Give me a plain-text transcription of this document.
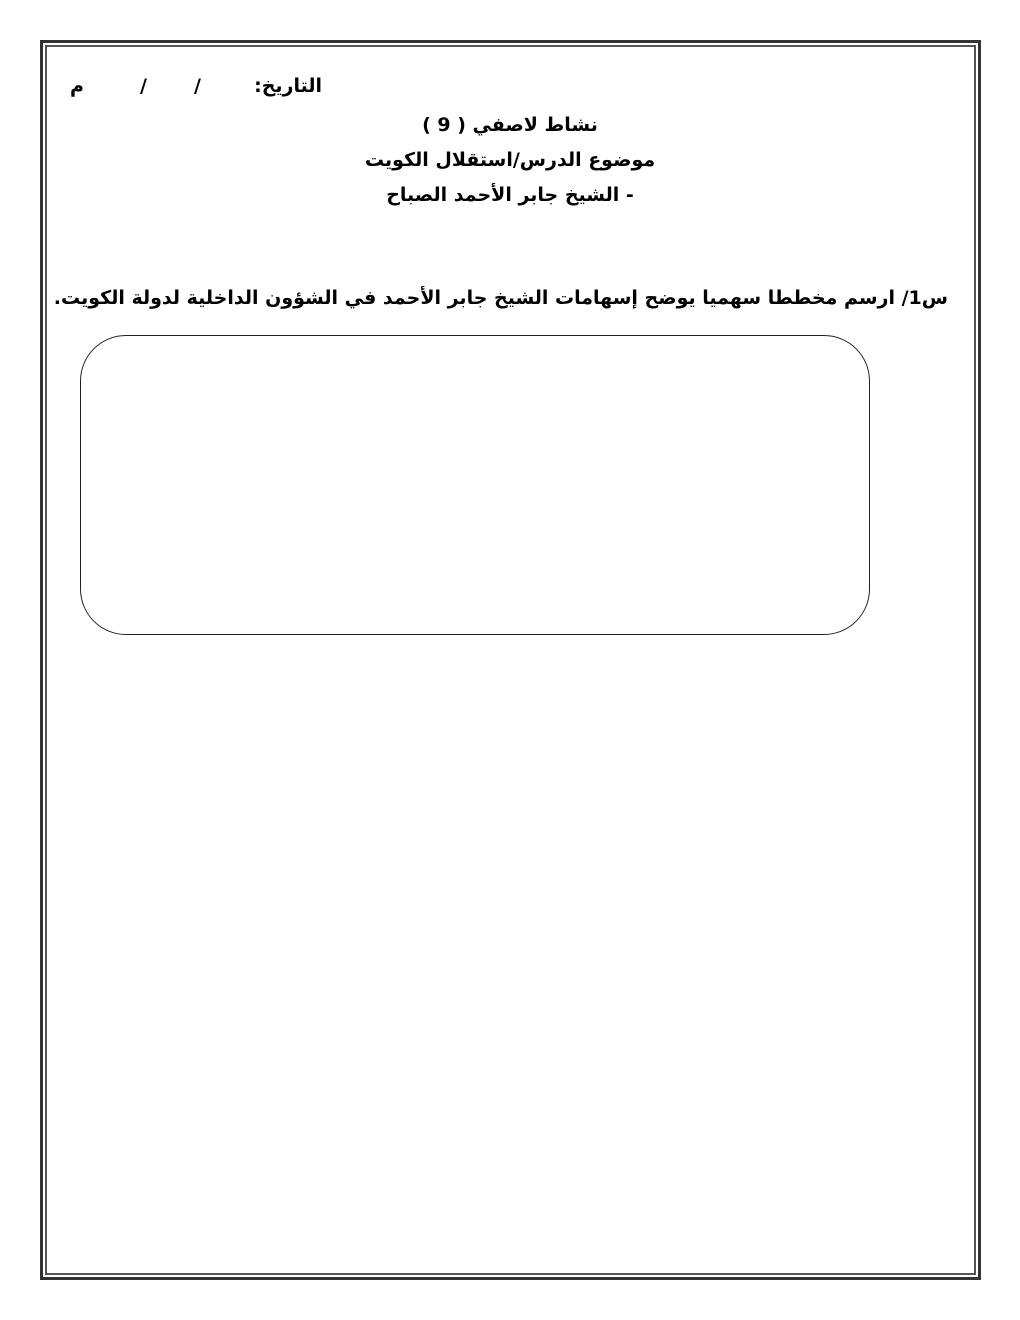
التاريخ:
/
/
م
نشاط لاصفي ( 9 )
موضوع الدرس/استقلال الكويت
- الشيخ جابر الأحمد الصباح
س1/ ارسم مخططا سهميا يوضح إسهامات الشيخ جابر الأحمد في الشؤون الداخلية لدولة الكويت.
